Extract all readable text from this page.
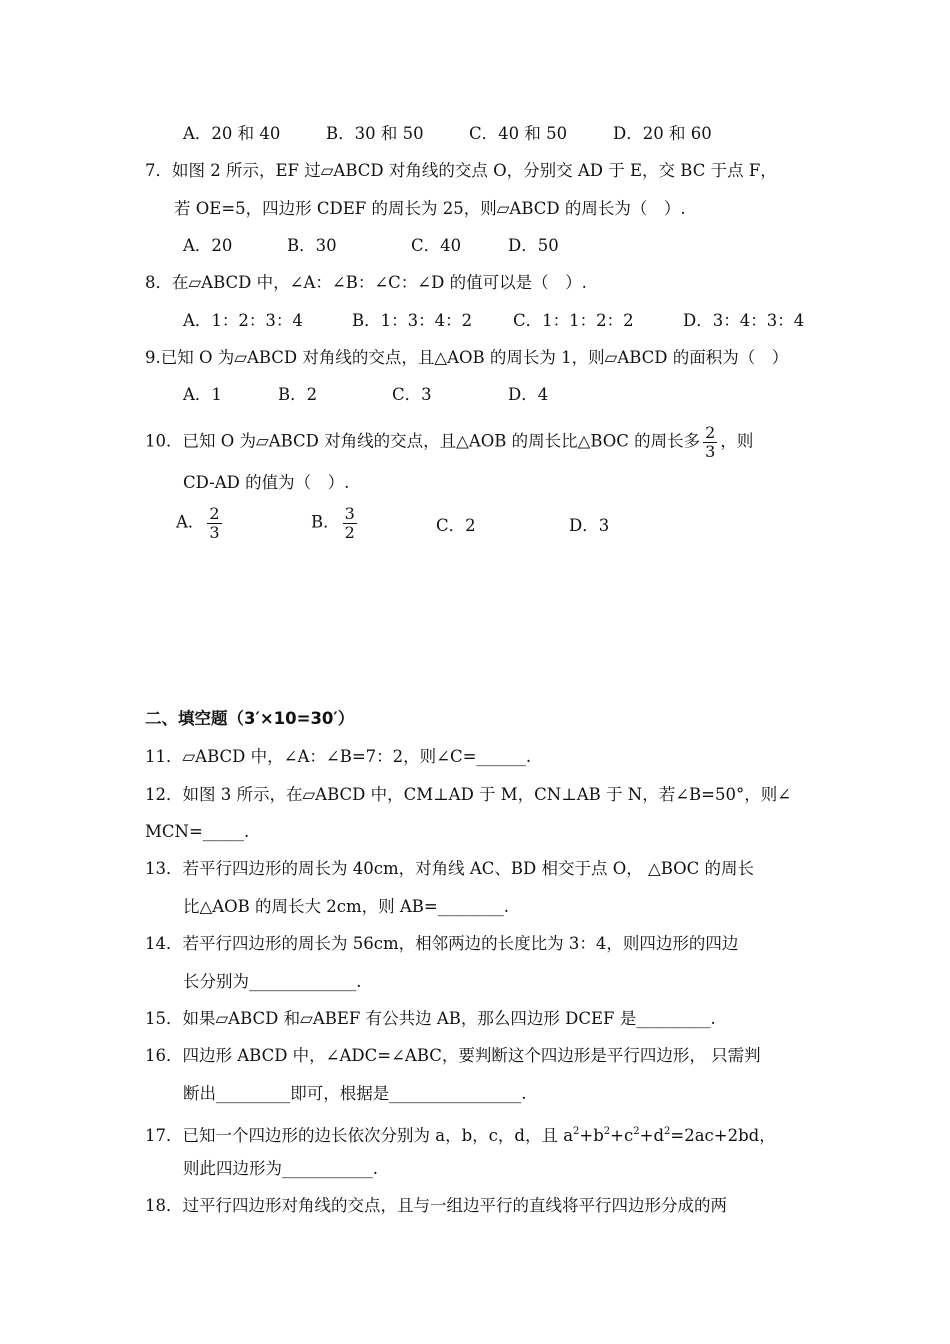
A．20 和 40	B．30 和 50	C．40 和 50	D．20 和 60
7．如图 2 所示，EF 过▱ABCD 对角线的交点 O，分别交 AD 于 E，交 BC 于点 F，
若 OE=5，四边形 CDEF 的周长为 25，则▱ABCD 的周长为（　）.
A．20	B．30	C．40	D．50
8．在▱ABCD 中，∠A：∠B：∠C：∠D 的值可以是（　）.
A．1：2：3：4	B．1：3：4：2 C．1：1：2：2	D．3：4：3：4
9.已知 O 为▱ABCD 对角线的交点，且△AOB 的周长为 1，则▱ABCD 的面积为（　）
A．1	B．2	C．3	D．4
10．已知 O 为▱ABCD 对角线的交点，且△AOB 的周长比△BOC 的周长多 $\frac{2}{3}$ ，则
CD-AD 的值为（　）.
A． $\frac{2}{3}$	B． $\frac{3}{2}$	C．2	D．3
二、填空题（3′×10=30′）
11．▱ABCD 中，∠A：∠B=7：2，则∠C=______.
12．如图 3 所示，在▱ABCD 中，CM⊥AD 于 M，CN⊥AB 于 N，若∠B=50°，则∠
MCN=_____.
13．若平行四边形的周长为 40cm，对角线 AC、BD 相交于点 O， △BOC 的周长
比△AOB 的周长大 2cm，则 AB=________.
14．若平行四边形的周长为 56cm，相邻两边的长度比为 3：4，则四边形的四边
长分别为_____________.
15．如果▱ABCD 和▱ABEF 有公共边 AB，那么四边形 DCEF 是_________.
16．四边形 ABCD 中，∠ADC=∠ABC，要判断这个四边形是平行四边形， 只需判
断出_________即可，根据是________________.
17．已知一个四边形的边长依次分别为 a，b，c，d，且 $a^2+b^2+c^2+d^2=2ac+2bd$，
则此四边形为___________.
18．过平行四边形对角线的交点，且与一组边平行的直线将平行四边形分成的两
